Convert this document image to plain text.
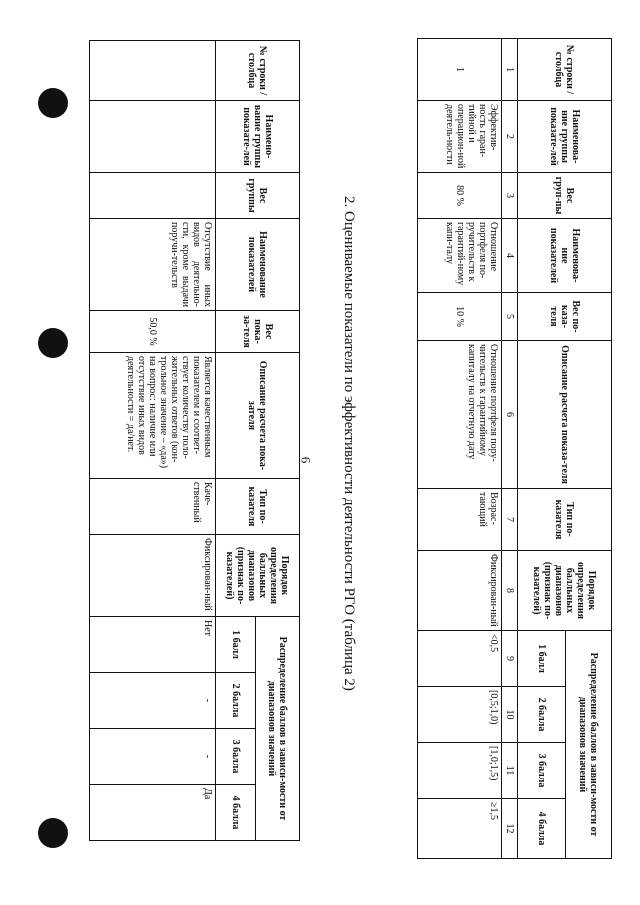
6
№ строки / столбца	Наимено-вание группы показате-лей	Вес группы	Наименование показателей	Вес пока-за-теля	Описание расчета пока-зателя	Тип по-казателя	Порядок определения балльных диапазонов (признак по-казателей)	Распределение баллов в зависи-мости от диапазонов значений			
								1 балл	2 балла	3 балла	4 балла
			Отсутствие иных видов деятельно-сти, кроме выдачи поручи-тельств	50,0 %	Является качественным показателем и соответ-ствует количеству поло-жительных ответов (кон-трольное значение – «да») на вопрос: наличие или отсутствие иных видов деятельности = да/нет.	Каче-ственный	Фиксирован-ный	Нет	-	-	Да
2. Оцениваемые показатели по эффективности деятельности РГО (таблица 2)
№ строки / столбца	Наименова-ние группы показате-лей	Вес груп-пы	Наименова-ние показателей	Вес по-каза-теля	Описание расчета показа-теля	Тип по-казателя	Порядок определения балльных диапазонов (признак по-казателей)	Распределение баллов в зависи-мости от диапазонов значений			
								1 балл	2 балла	3 балла	4 балла
1	2	3	4	5	6	7	8	9	10	11	12
1	Эффектив-ность гаран-тийной и операцион-ной деятель-ности	80 %	Отношение портфеля по-ручительств к гарантий-ному капи-талу	10 %	Отношение портфеля пору-чительств к гарантийному капиталу на отчетную дату	Возрас-тающий	Фиксирован-ный	<0,5	[0,5;1,0)	[1,0;1,5)	≥1,5
